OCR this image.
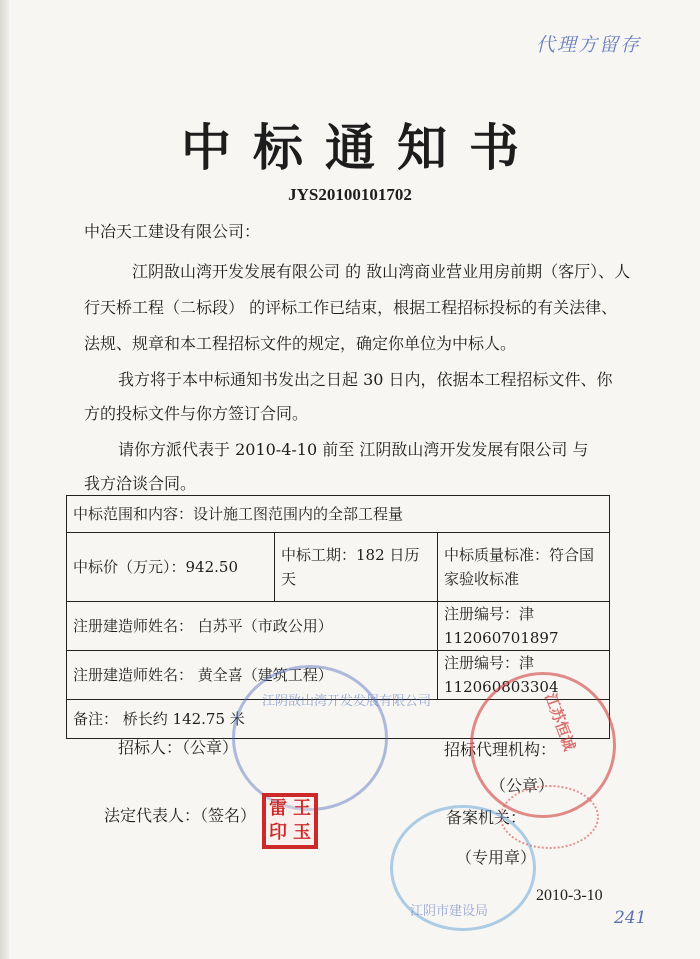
代理方留存
中标通知书
JYS20100101702
中冶天工建设有限公司：
江阴敔山湾开发发展有限公司 的 敔山湾商业营业用房前期（客厅）、人
行天桥工程（二标段） 的评标工作已结束，根据工程招标投标的有关法律、
法规、规章和本工程招标文件的规定，确定你单位为中标人。
我方将于本中标通知书发出之日起 30 日内，依据本工程招标文件、你
方的投标文件与你方签订合同。
请你方派代表于 2010-4-10 前至 江阴敔山湾开发发展有限公司 与
我方洽谈合同。
中标范围和内容：设计施工图范围内的全部工程量		
中标价（万元）：942.50	中标工期：182 日历天	中标质量标准：符合国
家验收标准

注册建造师姓名： 白苏平（市政公用）		注册编号：津 112060701897
注册建造师姓名： 黄全喜（建筑工程）		注册编号：津 112060803304
备注： 桥长约 142.75 米		
招标人：（公章）	招标代理机构：
（公章）
法定代表人：（签名）	备案机关：
（专用章）
2010-3-10
江阴敔山湾开发发展有限公司	江苏恒诚
江阴市建设局
雷 王
印 玉
241
